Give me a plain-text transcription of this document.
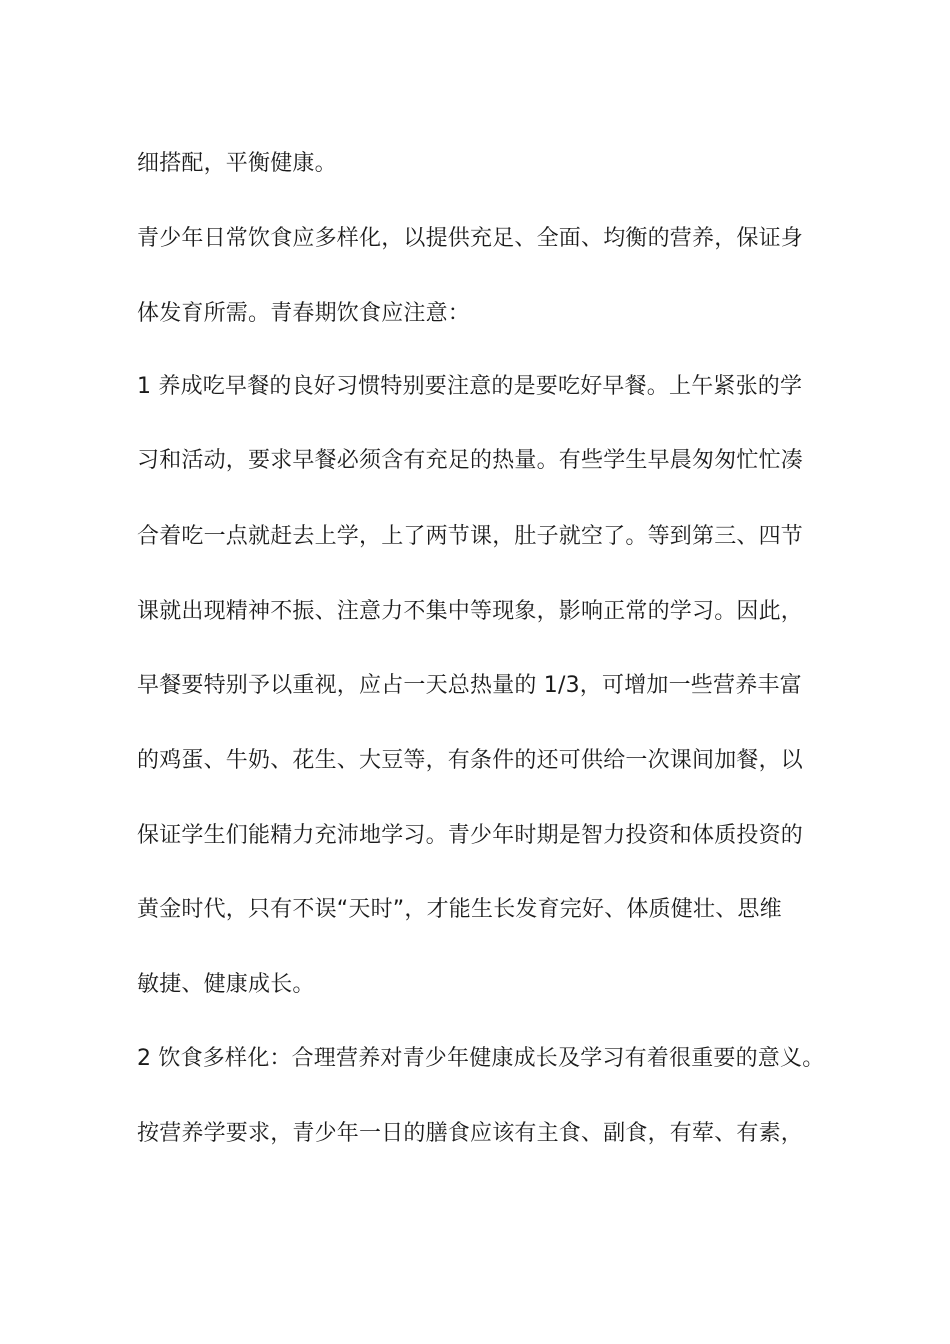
细搭配，平衡健康。
青少年日常饮食应多样化，以提供充足、全面、均衡的营养，保证身
体发育所需。青春期饮食应注意：
1 养成吃早餐的良好习惯特别要注意的是要吃好早餐。上午紧张的学
习和活动，要求早餐必须含有充足的热量。有些学生早晨匆匆忙忙凑
合着吃一点就赶去上学，上了两节课，肚子就空了。等到第三、四节
课就出现精神不振、注意力不集中等现象，影响正常的学习。因此，
早餐要特别予以重视，应占一天总热量的 1/3，可增加一些营养丰富
的鸡蛋、牛奶、花生、大豆等，有条件的还可供给一次课间加餐，以
保证学生们能精力充沛地学习。青少年时期是智力投资和体质投资的
黄金时代，只有不误“天时”，才能生长发育完好、体质健壮、思维
敏捷、健康成长。
2 饮食多样化：合理营养对青少年健康成长及学习有着很重要的意义。
按营养学要求，青少年一日的膳食应该有主食、副食，有荤、有素，
